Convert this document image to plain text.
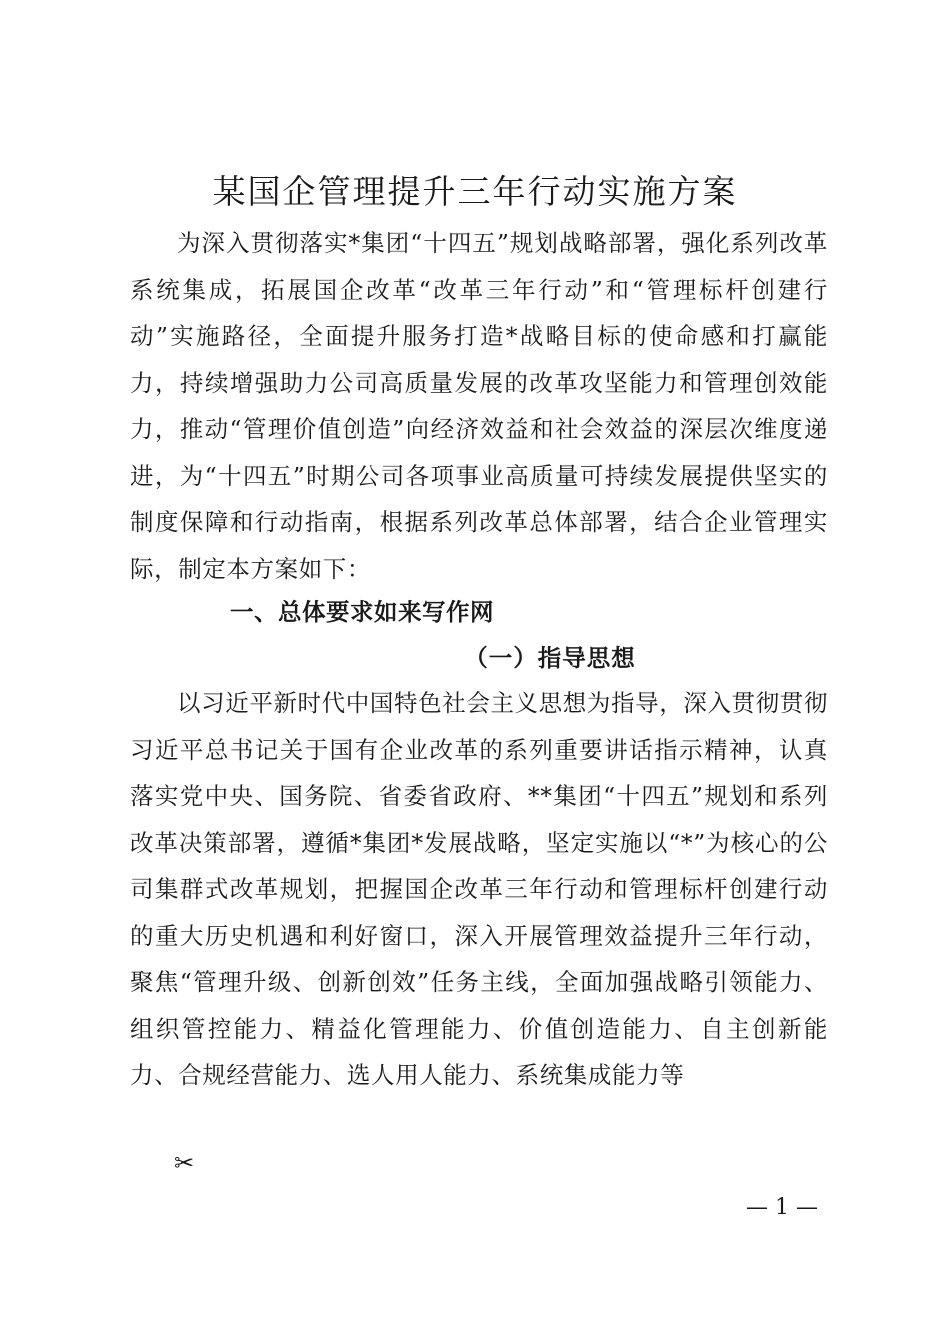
某国企管理提升三年行动实施方案

为深入贯彻落实*集团“十四五”规划战略部署，强化系列改革系统集成，拓展国企改革“改革三年行动”和“管理标杆创建行动”实施路径，全面提升服务打造*战略目标的使命感和打赢能力，持续增强助力公司高质量发展的改革攻坚能力和管理创效能力，推动“管理价值创造”向经济效益和社会效益的深层次维度递进，为“十四五”时期公司各项事业高质量可持续发展提供坚实的制度保障和行动指南，根据系列改革总体部署，结合企业管理实际，制定本方案如下：

一、总体要求如来写作网
（一）指导思想

以习近平新时代中国特色社会主义思想为指导，深入贯彻贯彻习近平总书记关于国有企业改革的系列重要讲话指示精神，认真落实党中央、国务院、省委省政府、**集团“十四五”规划和系列改革决策部署，遵循*集团*发展战略，坚定实施以“*”为核心的公司集群式改革规划，把握国企改革三年行动和管理标杆创建行动的重大历史机遇和利好窗口，深入开展管理效益提升三年行动，聚焦“管理升级、创新创效”任务主线，全面加强战略引领能力、组织管控能力、精益化管理能力、价值创造能力、自主创新能力、合规经营能力、选人用人能力、系统集成能力等

✂
— 1 —
